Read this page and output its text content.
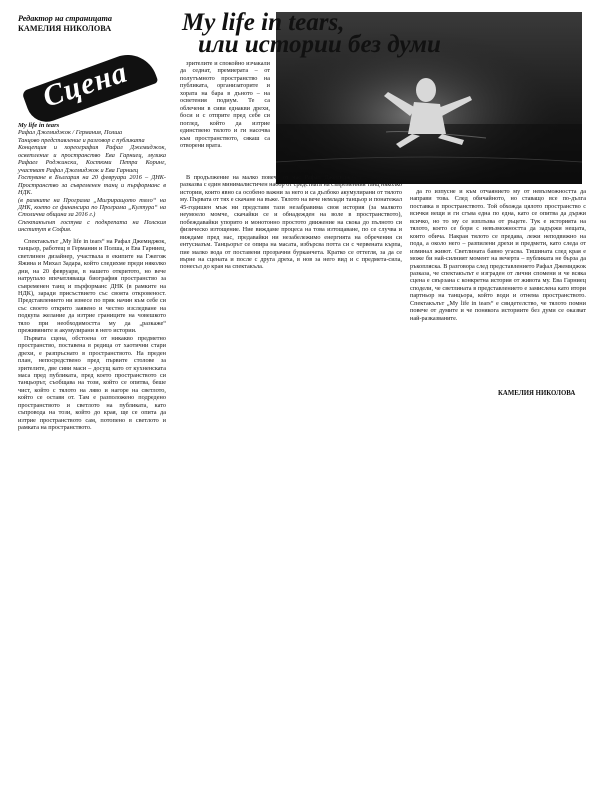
Редактор на страницата
КАМЕЛИЯ НИКОЛОВА	My life in tears,
или истории без думи
Сцена

My life in tears

Рафал Джемиджок / Германия, Полша

Танцово представление и разговор с публиката

Концепция и хореография Рафал Джемиджок, осветление и пространство Ева Гарниец, музика Рафаел Роджински, Костюми Петра Коринг, участват Рафал Джемиджок и Ева Гарниец

Гостуване в България на 20 февруари 2016 – ДНК-Пространство за съвременен танц и пърформанс в НДК.

(в рамките на Програма „Мигриращото тяло“ на ДНК, което се финансира по Програма „Култура“ на Столична община за 2016 г.)

Спектакълът гостува с подкрепата на Полския институт в София.

Спектакълът „My life in tears“ на Рафал Джемиджок, танцьор, работещ в Германия и Полша, и Ева Гарниец, светлинен дизайнер, участвала в екипите на Гжегож Яжина и Михал Задара, който следихме преди няколко дни, на 20 февруари, в нашето откритото, но вече натрупало впечатляваща биография пространство за съвременен танц и пърформанс ДНК (в рамките на НДК), заради присъствието със своята откровеност. Представлението ни изнесе по пряк начин към себе си със своето открито заявено и честно изследване на подкупа желание да изтрие границите на човешкото тяло при необходимостта му да „разкаже“ преживяните и акумулирани в него истории.

Първата сцена, обстоена от никакво предметно пространство, поставена в редица от хаотични стари дрехи, е разпръснато в пространството. На преден план, непосредствено пред първите столове за зрителите, две сиви маси – досущ като от кухненската маса пред публиката, пред което пространството си танцьорът, съобщава на този, който се опитва, беше чист, който с тялото на ляво и нагоре на светлото, който се оставя от. Там е разположено подредено пространството и светлото на публиката, като съпровода на този, който до края, ще се опита да изтрие пространството сам, потопено в светлото и рамката на пространството.

зрителите и спокойно изчакали да седнат, премиерата – от полутъмното пространство на публиката, организаторите и хората на бара в дъното – на осветения подиум. Те са облечени в сиви еднакви дрехи, боси и с отприте пред себе си поглед, който да изтрие единствено тялото и ги насочва към пространството, сякаш са отворени врата.

В продължение на малко повече от час Рафал Джемиджок (р. 1971 г.) ни разказва с един минималистичен набор от средствата на съвременния танц няколко истории, които явно са особено важни за него и са дълбоко акумулирани от тялото му. Първата от тях е скачане на въже. Тялото на вече немлади танцьор и понатежал 45-годишен мъж ни представя тази незабравима своя история (за малкото неумоело момче, скачайки се и обнадежден на воле в пространството), побеждавайки упорито и монотонно простото движение на скока до пълното си физическо изтощение. Ние виждаме процеса на това изтощаване, по се случва и виждаме пред нас, предавайки ни незабележимо енергията на обречения си ентусиазъм. Танцьорът се опира на масата, избърсва потта си с червената кърпа, пие малко вода от поставени прозрачни бурканчета. Кратко се оттегля, за да се върне на сцената и после с друга дреха, в нов за него вид и с предмета-сила, понесъл до края на спектакъла.

да го изпусне и към отчаянието му от невъзможността да направи това. След обичайното, но ставащо все по-дълга поставка в пространството. Той обхожда цялото пространство с всички вещи и ги сгъва една по една, като се опитва да държи всичко, но то му се изплъзва от ръцете. Тук е историята на тялото, което се бори с невъзможността да задържи нещата, които обича. Накрая тялото се предава, лежи неподвижно на пода, а около него – разпилени дрехи и предмети, като следа от изминал живот. Светлината бавно угасва. Тишината след края е може би най-силният момент на вечерта – публиката не бърза да ръкопляска. В разговора след представлението Рафал Джемиджок разказа, че спектакълът е изграден от лични спомени и че всяка сцена е свързана с конкретна история от живота му. Ева Гарниец сподели, че светлината в представлението е замислена като втори партньор на танцьора, който води и отнема пространството. Спектакълът „My life in tears“ е свидетелство, че тялото помни повече от думите и че понякога историите без думи се оказват най-разказваните.

КАМЕЛИЯ НИКОЛОВА
